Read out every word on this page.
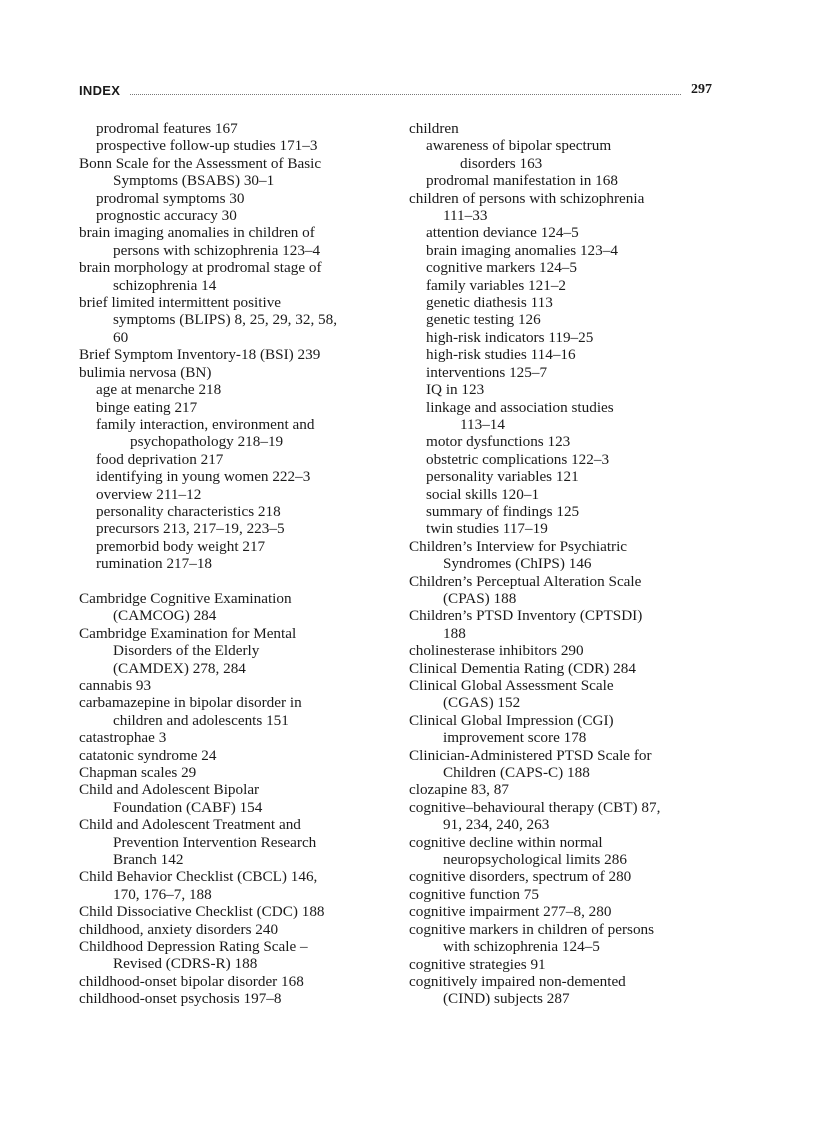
INDEX	297
prodromal features 167
prospective follow-up studies 171–3
Bonn Scale for the Assessment of Basic
Symptoms (BSABS) 30–1
prodromal symptoms 30
prognostic accuracy 30
brain imaging anomalies in children of
persons with schizophrenia 123–4
brain morphology at prodromal stage of
schizophrenia 14
brief limited intermittent positive
symptoms (BLIPS) 8, 25, 29, 32, 58,
60
Brief Symptom Inventory-18 (BSI) 239
bulimia nervosa (BN)
age at menarche 218
binge eating 217
family interaction, environment and
psychopathology 218–19
food deprivation 217
identifying in young women 222–3
overview 211–12
personality characteristics 218
precursors 213, 217–19, 223–5
premorbid body weight 217
rumination 217–18
Cambridge Cognitive Examination
(CAMCOG) 284
Cambridge Examination for Mental
Disorders of the Elderly
(CAMDEX) 278, 284
cannabis 93
carbamazepine in bipolar disorder in
children and adolescents 151
catastrophae 3
catatonic syndrome 24
Chapman scales 29
Child and Adolescent Bipolar
Foundation (CABF) 154
Child and Adolescent Treatment and
Prevention Intervention Research
Branch 142
Child Behavior Checklist (CBCL) 146,
170, 176–7, 188
Child Dissociative Checklist (CDC) 188
childhood, anxiety disorders 240
Childhood Depression Rating Scale –
Revised (CDRS-R) 188
childhood-onset bipolar disorder 168
childhood-onset psychosis 197–8
children
awareness of bipolar spectrum
disorders 163
prodromal manifestation in 168
children of persons with schizophrenia
111–33
attention deviance 124–5
brain imaging anomalies 123–4
cognitive markers 124–5
family variables 121–2
genetic diathesis 113
genetic testing 126
high-risk indicators 119–25
high-risk studies 114–16
interventions 125–7
IQ in 123
linkage and association studies
113–14
motor dysfunctions 123
obstetric complications 122–3
personality variables 121
social skills 120–1
summary of findings 125
twin studies 117–19
Children’s Interview for Psychiatric
Syndromes (ChIPS) 146
Children’s Perceptual Alteration Scale
(CPAS) 188
Children’s PTSD Inventory (CPTSDI)
188
cholinesterase inhibitors 290
Clinical Dementia Rating (CDR) 284
Clinical Global Assessment Scale
(CGAS) 152
Clinical Global Impression (CGI)
improvement score 178
Clinician-Administered PTSD Scale for
Children (CAPS-C) 188
clozapine 83, 87
cognitive–behavioural therapy (CBT) 87,
91, 234, 240, 263
cognitive decline within normal
neuropsychological limits 286
cognitive disorders, spectrum of 280
cognitive function 75
cognitive impairment 277–8, 280
cognitive markers in children of persons
with schizophrenia 124–5
cognitive strategies 91
cognitively impaired non-demented
(CIND) subjects 287
